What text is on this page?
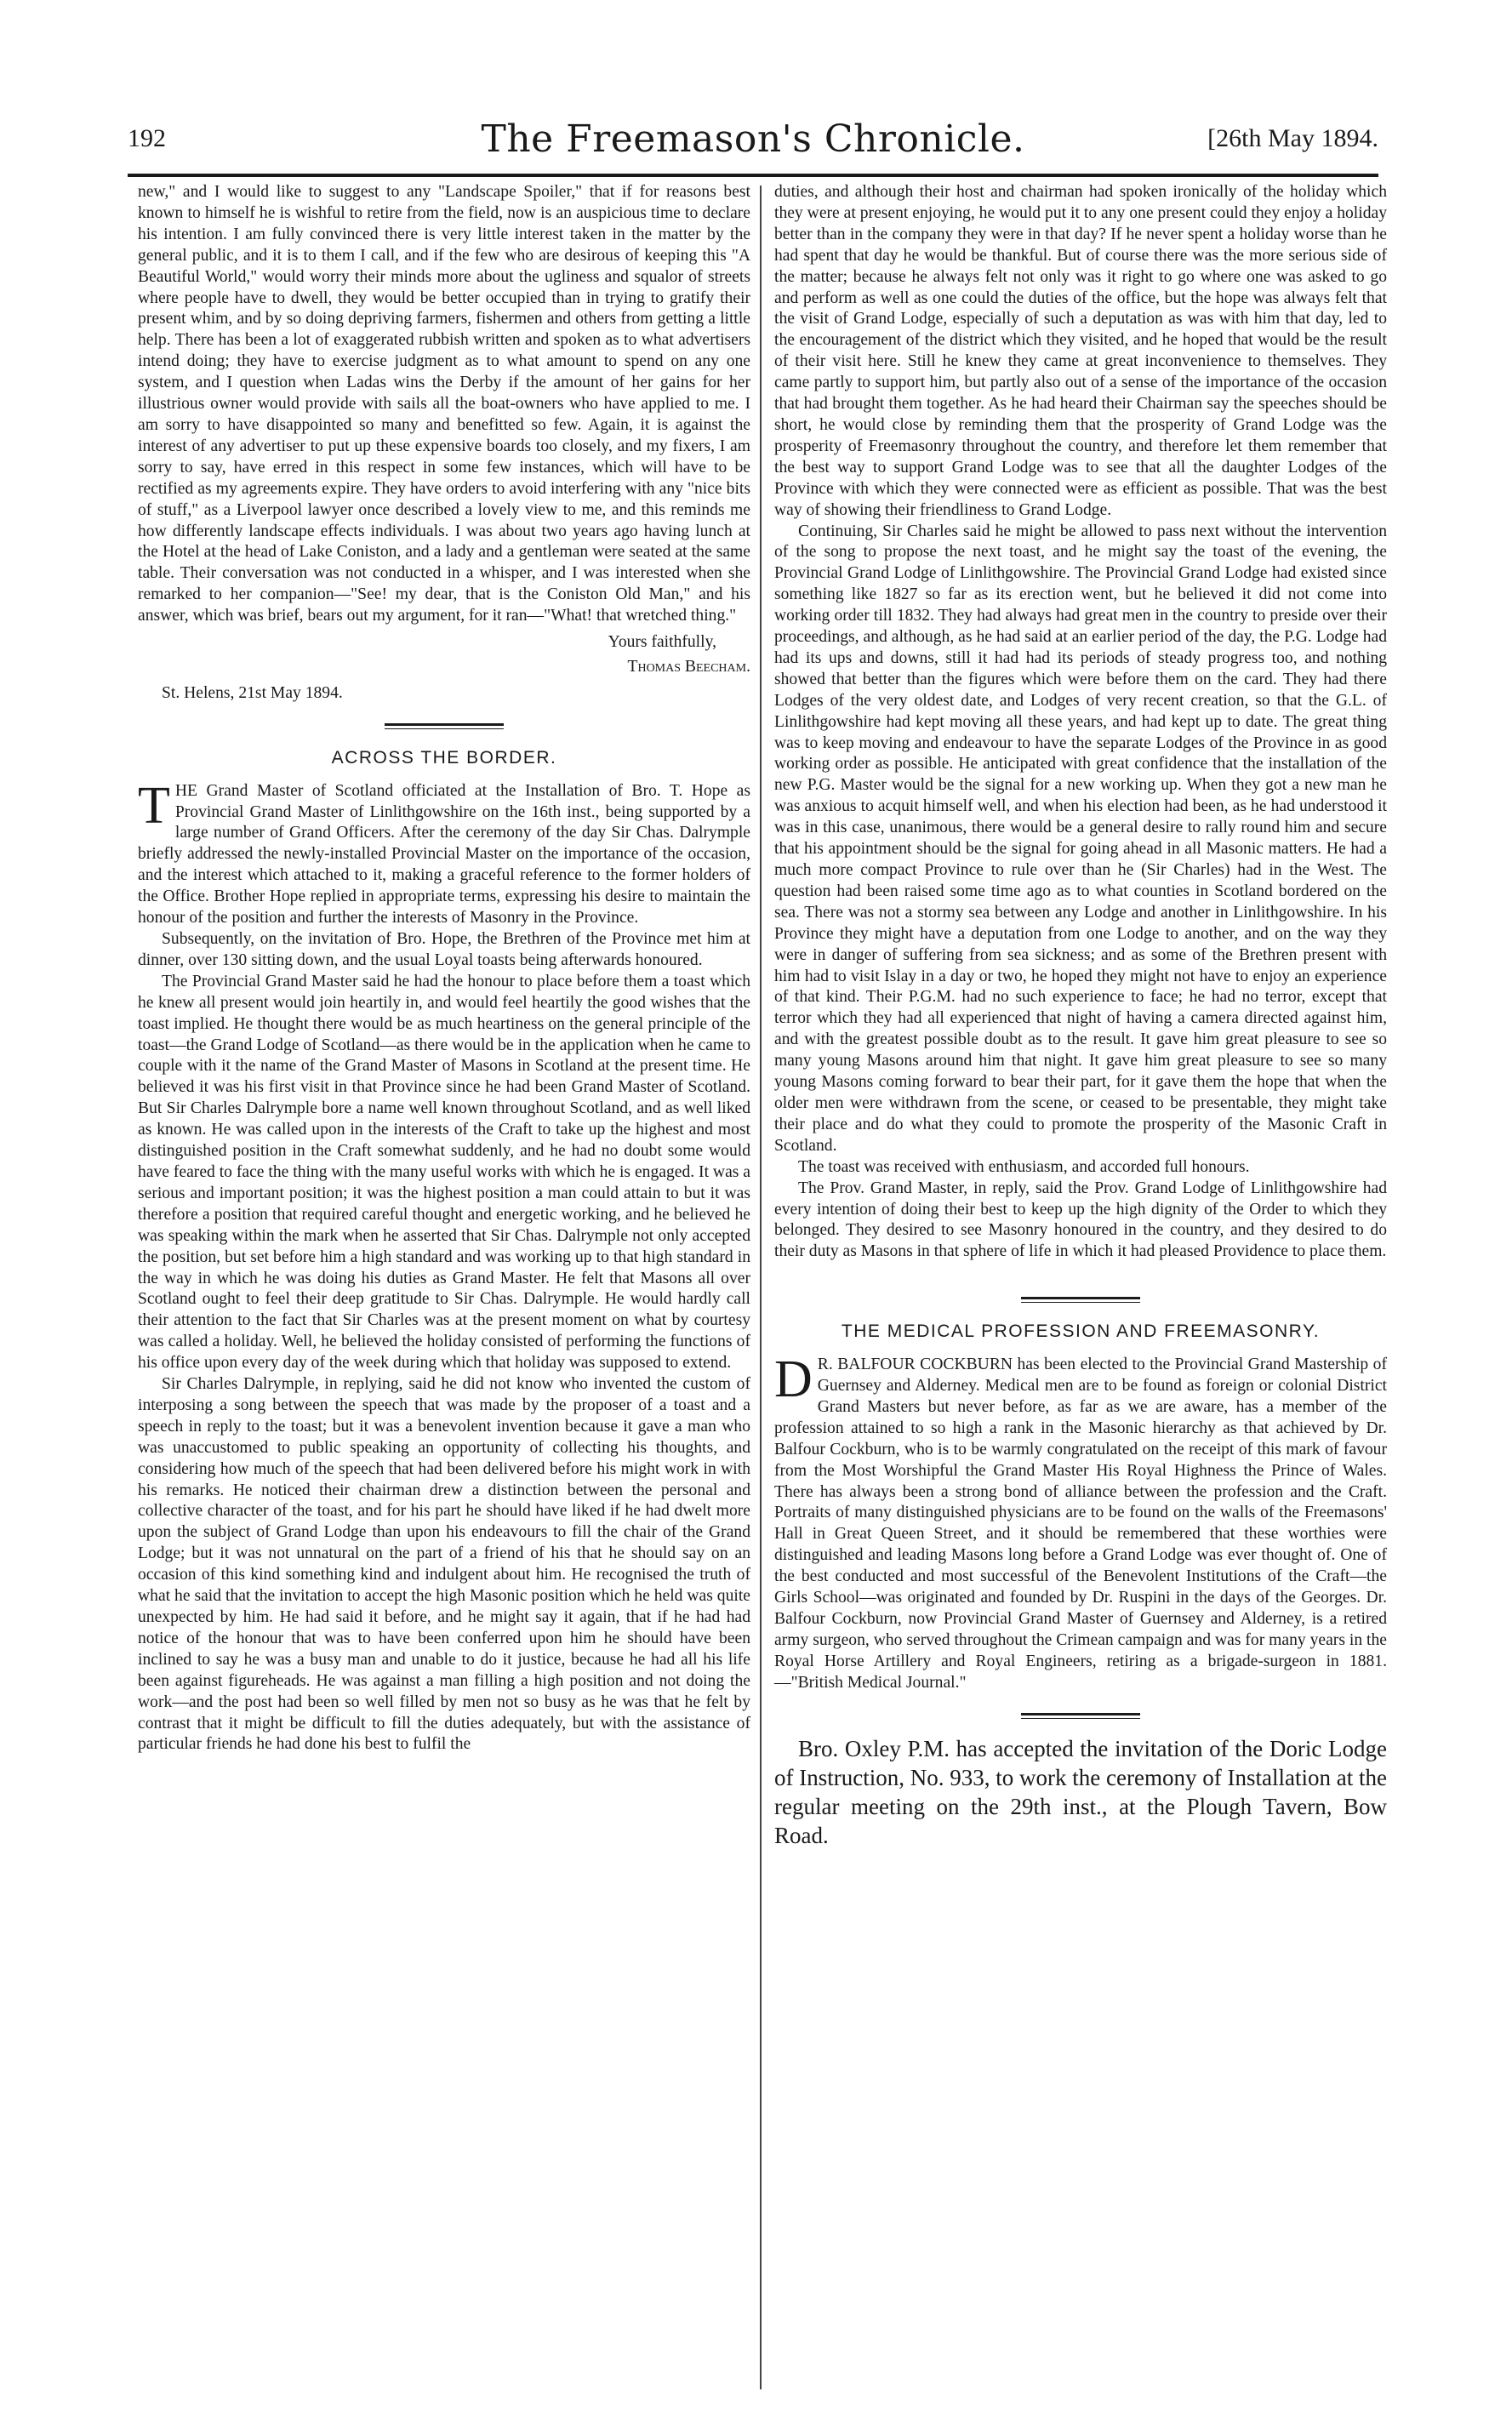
192	The Freemason's Chronicle.	[26th May 1894.

new," and I would like to suggest to any "Landscape Spoiler," that if for reasons best known to himself he is wishful to retire from the field, now is an auspicious time to declare his intention. I am fully convinced there is very little interest taken in the matter by the general public, and it is to them I call, and if the few who are desirous of keeping this "A Beautiful World," would worry their minds more about the ugliness and squalor of streets where people have to dwell, they would be better occupied than in trying to gratify their present whim, and by so doing depriving farmers, fishermen and others from getting a little help. There has been a lot of exaggerated rubbish written and spoken as to what advertisers intend doing; they have to exercise judgment as to what amount to spend on any one system, and I question when Ladas wins the Derby if the amount of her gains for her illustrious owner would provide with sails all the boat-owners who have applied to me. I am sorry to have disappointed so many and benefitted so few. Again, it is against the interest of any advertiser to put up these expensive boards too closely, and my fixers, I am sorry to say, have erred in this respect in some few instances, which will have to be rectified as my agreements expire. They have orders to avoid interfering with any "nice bits of stuff," as a Liverpool lawyer once described a lovely view to me, and this reminds me how differently landscape effects individuals. I was about two years ago having lunch at the Hotel at the head of Lake Coniston, and a lady and a gentleman were seated at the same table. Their conversation was not conducted in a whisper, and I was interested when she remarked to her companion—"See! my dear, that is the Coniston Old Man," and his answer, which was brief, bears out my argument, for it ran—"What! that wretched thing."

Yours faithfully,

Thomas Beecham.

St. Helens, 21st May 1894.

ACROSS THE BORDER.

THE Grand Master of Scotland officiated at the Installation of Bro. T. Hope as Provincial Grand Master of Linlithgowshire on the 16th inst., being supported by a large number of Grand Officers. After the ceremony of the day Sir Chas. Dalrymple briefly addressed the newly-installed Provincial Master on the importance of the occasion, and the interest which attached to it, making a graceful reference to the former holders of the Office. Brother Hope replied in appropriate terms, expressing his desire to maintain the honour of the position and further the interests of Masonry in the Province.

Subsequently, on the invitation of Bro. Hope, the Brethren of the Province met him at dinner, over 130 sitting down, and the usual Loyal toasts being afterwards honoured.

The Provincial Grand Master said he had the honour to place before them a toast which he knew all present would join heartily in, and would feel heartily the good wishes that the toast implied. He thought there would be as much heartiness on the general principle of the toast—the Grand Lodge of Scotland—as there would be in the application when he came to couple with it the name of the Grand Master of Masons in Scotland at the present time. He believed it was his first visit in that Province since he had been Grand Master of Scotland. But Sir Charles Dalrymple bore a name well known throughout Scotland, and as well liked as known. He was called upon in the interests of the Craft to take up the highest and most distinguished position in the Craft somewhat suddenly, and he had no doubt some would have feared to face the thing with the many useful works with which he is engaged. It was a serious and important position; it was the highest position a man could attain to but it was therefore a position that required careful thought and energetic working, and he believed he was speaking within the mark when he asserted that Sir Chas. Dalrymple not only accepted the position, but set before him a high standard and was working up to that high standard in the way in which he was doing his duties as Grand Master. He felt that Masons all over Scotland ought to feel their deep gratitude to Sir Chas. Dalrymple. He would hardly call their attention to the fact that Sir Charles was at the present moment on what by courtesy was called a holiday. Well, he believed the holiday consisted of performing the functions of his office upon every day of the week during which that holiday was supposed to extend.

Sir Charles Dalrymple, in replying, said he did not know who invented the custom of interposing a song between the speech that was made by the proposer of a toast and a speech in reply to the toast; but it was a benevolent invention because it gave a man who was unaccustomed to public speaking an opportunity of collecting his thoughts, and considering how much of the speech that had been delivered before his might work in with his remarks. He noticed their chairman drew a distinction between the personal and collective character of the toast, and for his part he should have liked if he had dwelt more upon the subject of Grand Lodge than upon his endeavours to fill the chair of the Grand Lodge; but it was not unnatural on the part of a friend of his that he should say on an occasion of this kind something kind and indulgent about him. He recognised the truth of what he said that the invitation to accept the high Masonic position which he held was quite unexpected by him. He had said it before, and he might say it again, that if he had had notice of the honour that was to have been conferred upon him he should have been inclined to say he was a busy man and unable to do it justice, because he had all his life been against figureheads. He was against a man filling a high position and not doing the work—and the post had been so well filled by men not so busy as he was that he felt by contrast that it might be difficult to fill the duties adequately, but with the assistance of particular friends he had done his best to fulfil the

duties, and although their host and chairman had spoken ironically of the holiday which they were at present enjoying, he would put it to any one present could they enjoy a holiday better than in the company they were in that day? If he never spent a holiday worse than he had spent that day he would be thankful. But of course there was the more serious side of the matter; because he always felt not only was it right to go where one was asked to go and perform as well as one could the duties of the office, but the hope was always felt that the visit of Grand Lodge, especially of such a deputation as was with him that day, led to the encouragement of the district which they visited, and he hoped that would be the result of their visit here. Still he knew they came at great inconvenience to themselves. They came partly to support him, but partly also out of a sense of the importance of the occasion that had brought them together. As he had heard their Chairman say the speeches should be short, he would close by reminding them that the prosperity of Grand Lodge was the prosperity of Freemasonry throughout the country, and therefore let them remember that the best way to support Grand Lodge was to see that all the daughter Lodges of the Province with which they were connected were as efficient as possible. That was the best way of showing their friendliness to Grand Lodge.

Continuing, Sir Charles said he might be allowed to pass next without the intervention of the song to propose the next toast, and he might say the toast of the evening, the Provincial Grand Lodge of Linlithgowshire. The Provincial Grand Lodge had existed since something like 1827 so far as its erection went, but he believed it did not come into working order till 1832. They had always had great men in the country to preside over their proceedings, and although, as he had said at an earlier period of the day, the P.G. Lodge had had its ups and downs, still it had had its periods of steady progress too, and nothing showed that better than the figures which were before them on the card. They had there Lodges of the very oldest date, and Lodges of very recent creation, so that the G.L. of Linlithgowshire had kept moving all these years, and had kept up to date. The great thing was to keep moving and endeavour to have the separate Lodges of the Province in as good working order as possible. He anticipated with great confidence that the installation of the new P.G. Master would be the signal for a new working up. When they got a new man he was anxious to acquit himself well, and when his election had been, as he had understood it was in this case, unanimous, there would be a general desire to rally round him and secure that his appointment should be the signal for going ahead in all Masonic matters. He had a much more compact Province to rule over than he (Sir Charles) had in the West. The question had been raised some time ago as to what counties in Scotland bordered on the sea. There was not a stormy sea between any Lodge and another in Linlithgowshire. In his Province they might have a deputation from one Lodge to another, and on the way they were in danger of suffering from sea sickness; and as some of the Brethren present with him had to visit Islay in a day or two, he hoped they might not have to enjoy an experience of that kind. Their P.G.M. had no such experience to face; he had no terror, except that terror which they had all experienced that night of having a camera directed against him, and with the greatest possible doubt as to the result. It gave him great pleasure to see so many young Masons around him that night. It gave him great pleasure to see so many young Masons coming forward to bear their part, for it gave them the hope that when the older men were withdrawn from the scene, or ceased to be presentable, they might take their place and do what they could to promote the prosperity of the Masonic Craft in Scotland.

The toast was received with enthusiasm, and accorded full honours.

The Prov. Grand Master, in reply, said the Prov. Grand Lodge of Linlithgowshire had every intention of doing their best to keep up the high dignity of the Order to which they belonged. They desired to see Masonry honoured in the country, and they desired to do their duty as Masons in that sphere of life in which it had pleased Providence to place them.

THE MEDICAL PROFESSION AND FREEMASONRY.

D R. BALFOUR COCKBURN has been elected to the Provincial Grand Mastership of Guernsey and Alderney. Medical men are to be found as foreign or colonial District Grand Masters but never before, as far as we are aware, has a member of the profession attained to so high a rank in the Masonic hierarchy as that achieved by Dr. Balfour Cockburn, who is to be warmly congratulated on the receipt of this mark of favour from the Most Worshipful the Grand Master His Royal Highness the Prince of Wales. There has always been a strong bond of alliance between the profession and the Craft. Portraits of many distinguished physicians are to be found on the walls of the Freemasons' Hall in Great Queen Street, and it should be remembered that these worthies were distinguished and leading Masons long before a Grand Lodge was ever thought of. One of the best conducted and most successful of the Benevolent Institutions of the Craft—the Girls School—was originated and founded by Dr. Ruspini in the days of the Georges. Dr. Balfour Cockburn, now Provincial Grand Master of Guernsey and Alderney, is a retired army surgeon, who served throughout the Crimean campaign and was for many years in the Royal Horse Artillery and Royal Engineers, retiring as a brigade-surgeon in 1881.—"British Medical Journal."

Bro. Oxley P.M. has accepted the invitation of the Doric Lodge of Instruction, No. 933, to work the ceremony of Installation at the regular meeting on the 29th inst., at the Plough Tavern, Bow Road.
